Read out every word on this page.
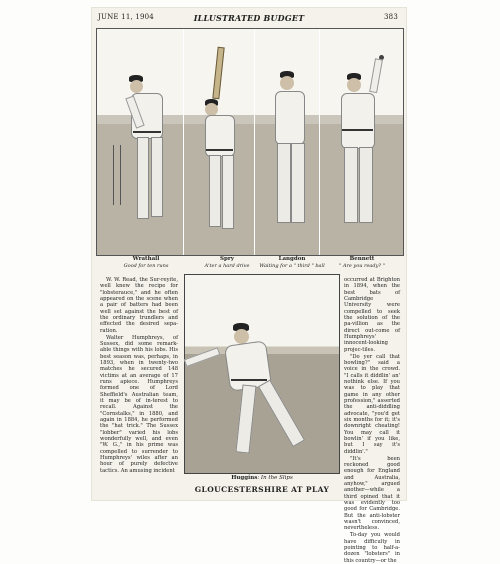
JUNE 11, 1904	ILLUSTRATED BUDGET	383
Wrathall
Good for ten runs
Spry
A'ter a hard drive
Langdon
Waiting for a " third " ball
Bennett
" Are you ready? "

W. W. Read, the Sur-reyite, well knew the recipe for "lobsterauce," and he often appeared on the scene when a pair of batters had been well set against the best of the ordinary trundlers and effected the desired sepa-ration.

Walter Humphreys, of Sussex, did some remark-able things with his lobs. His best season was, perhaps, in 1893, when in twenty-two matches he secured 148 victims at an average of 17 runs apiece. Humphreys formed one of Lord Sheffield's Australian team, it may be of in-terest to recall. Against the "Cornstalks," in 1880, and again in 1884, he performed the "hat trick." The Sussex "lobber" varied his lobs wonderfully well, and even "W. G.," in his prime was compelled to surrender to Humphreys' wiles after an hour of purely defective tactics. An amusing incident

Huggins: In the Slips
GLOUCESTERSHIRE AT PLAY

occurred at Brighton in 1894, when the best bats of Cambridge University were compelled to seek the solution of the pa-villion as the direct out-come of Humphreys' innocent-looking projec-tiles.

"Do yer call that bowling?" said a voice in the crowd. "I calls it diddlin' an' nothink else. If you was to play that game in any other profession," asserted the anti-diddling advocate, "you'd get six months for it; it's downright cheating! You may call it bowlin' if you like, but I say it's diddlin'."

"It's been reckoned good enough for England and Australia, anyhow," argued another—while a third opined that it was evidently too good for Cambridge. But the anti-lobster wasn't convinced, nevertheless.

To-day you would have difficulty in pointing to half-a-dozen "lobsters" in this country—or the
